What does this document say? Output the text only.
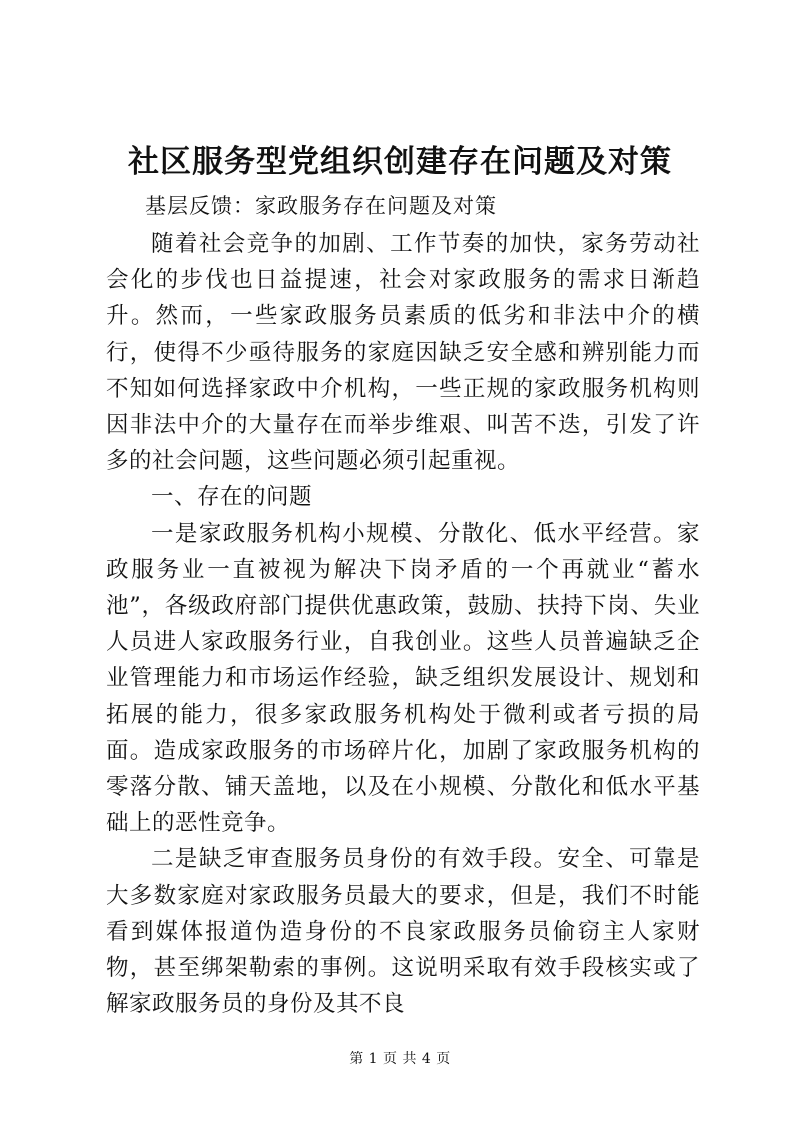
社区服务型党组织创建存在问题及对策
基层反馈：家政服务存在问题及对策

随着社会竞争的加剧、工作节奏的加快，家务劳动社会化的步伐也日益提速，社会对家政服务的需求日渐趋升。然而，一些家政服务员素质的低劣和非法中介的横行，使得不少亟待服务的家庭因缺乏安全感和辨别能力而不知如何选择家政中介机构，一些正规的家政服务机构则因非法中介的大量存在而举步维艰、叫苦不迭，引发了许多的社会问题，这些问题必须引起重视。

一、存在的问题

一是家政服务机构小规模、分散化、低水平经营。家政服务业一直被视为解决下岗矛盾的一个再就业“蓄水池”，各级政府部门提供优惠政策，鼓励、扶持下岗、失业人员进人家政服务行业，自我创业。这些人员普遍缺乏企业管理能力和市场运作经验，缺乏组织发展设计、规划和拓展的能力，很多家政服务机构处于微利或者亏损的局面。造成家政服务的市场碎片化，加剧了家政服务机构的零落分散、铺天盖地，以及在小规模、分散化和低水平基础上的恶性竞争。

二是缺乏审查服务员身份的有效手段。安全、可靠是大多数家庭对家政服务员最大的要求，但是，我们不时能看到媒体报道伪造身份的不良家政服务员偷窃主人家财物，甚至绑架勒索的事例。这说明采取有效手段核实或了解家政服务员的身份及其不良

第 1 页 共 4 页
